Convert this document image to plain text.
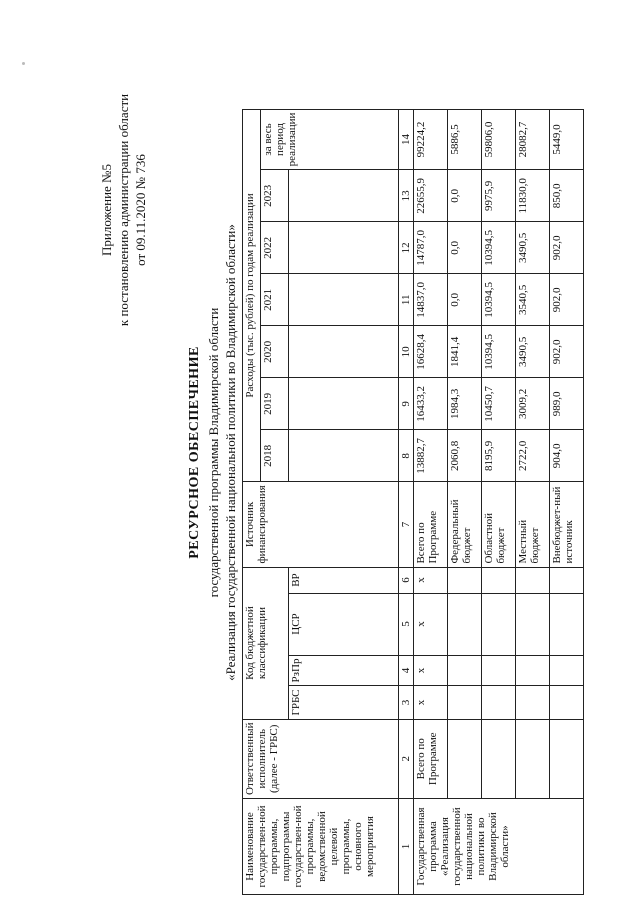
Приложение №5 к постановлению администрации области от 09.11.2020 № 736
РЕСУРСНОЕ ОБЕСПЕЧЕНИЕ государственной программы Владимирской области «Реализация государственной национальной политики во Владимирской области»
Наименование государствен-ной программы, подпрограммы государствен-ной программы, ведомственной целевой программы, основного мероприятия	Ответственный исполнитель (далее - ГРБС)	Код бюджетной классификации				Источник финансирования	Расходы (тыс. рублей) по годам реализации						
							2018	2019	2020	2021	2022	2023	за весь период реализации
		ГРБС	РзПр	ЦСР	ВР								
1	2	3	4	5	6	7	8	9	10	11	12	13	14
Государственная программа «Реализация государственной национальной политики во Владимирской области»	Всего по Программе	х	х	х	х	Всего по Программе	13882,7	16433,2	16628,4	14837,0	14787,0	22655,9	99224,2
						Федеральный бюджет	2060,8	1984,3	1841,4	0,0	0,0	0,0	5886,5
						Областной бюджет	8195,9	10450,7	10394,5	10394,5	10394,5	9975,9	59806,0
						Местный бюджет	2722,0	3009,2	3490,5	3540,5	3490,5	11830,0	28082,7
						Внебюджет-ный источник	904,0	989,0	902,0	902,0	902,0	850,0	5449,0
